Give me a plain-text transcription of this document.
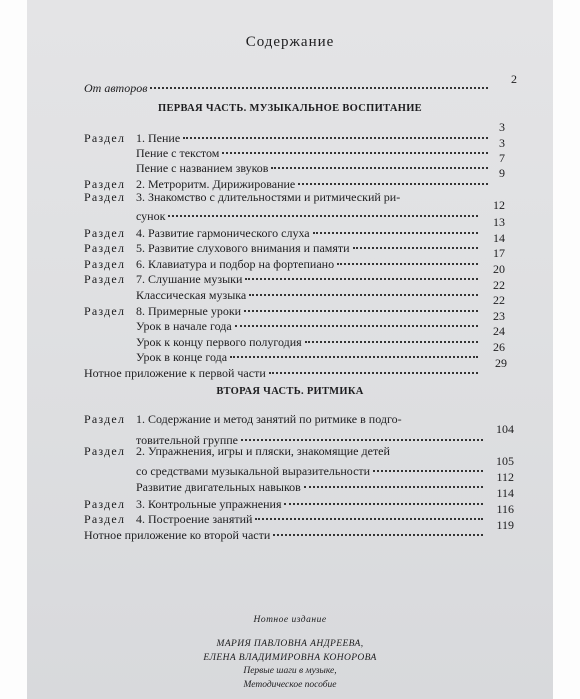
Содержание
ПЕРВАЯ ЧАСТЬ. МУЗЫКАЛЬНОЕ ВОСПИТАНИЕ
ВТОРАЯ ЧАСТЬ. РИТМИКА
От авторов
2
Раздел 1. Пение
3
Пение с текстом
3
Пение с названием звуков
7
Раздел 2. Метроритм. Дирижирование
9
Раздел 3. Знакомство с длительностями и ритмический ри-
сунок
12
Раздел 4. Развитие гармонического слуха
13
Раздел 5. Развитие слухового внимания и памяти
14
Раздел 6. Клавиатура и подбор на фортепиано
17
Раздел 7. Слушание музыки
20
Классическая музыка
22
Раздел 8. Примерные уроки
22
Урок в начале года
23
Урок к концу первого полугодия
24
Урок в конце года
26
Нотное приложение к первой части
29
Раздел 1. Содержание и метод занятий по ритмике в подго-
товительной группе
104
Раздел 2. Упражнения, игры и пляски, знакомящие детей
со средствами музыкальной выразительности
105
Развитие двигательных навыков
112
Раздел 3. Контрольные упражнения
114
Раздел 4. Построение занятий
116
Нотное приложение ко второй части
119
Нотное издание
МАРИЯ ПАВЛОВНА АНДРЕЕВА,
ЕЛЕНА ВЛАДИМИРОВНА КОНОРОВА
Первые шаги в музыке,
Методическое пособие
